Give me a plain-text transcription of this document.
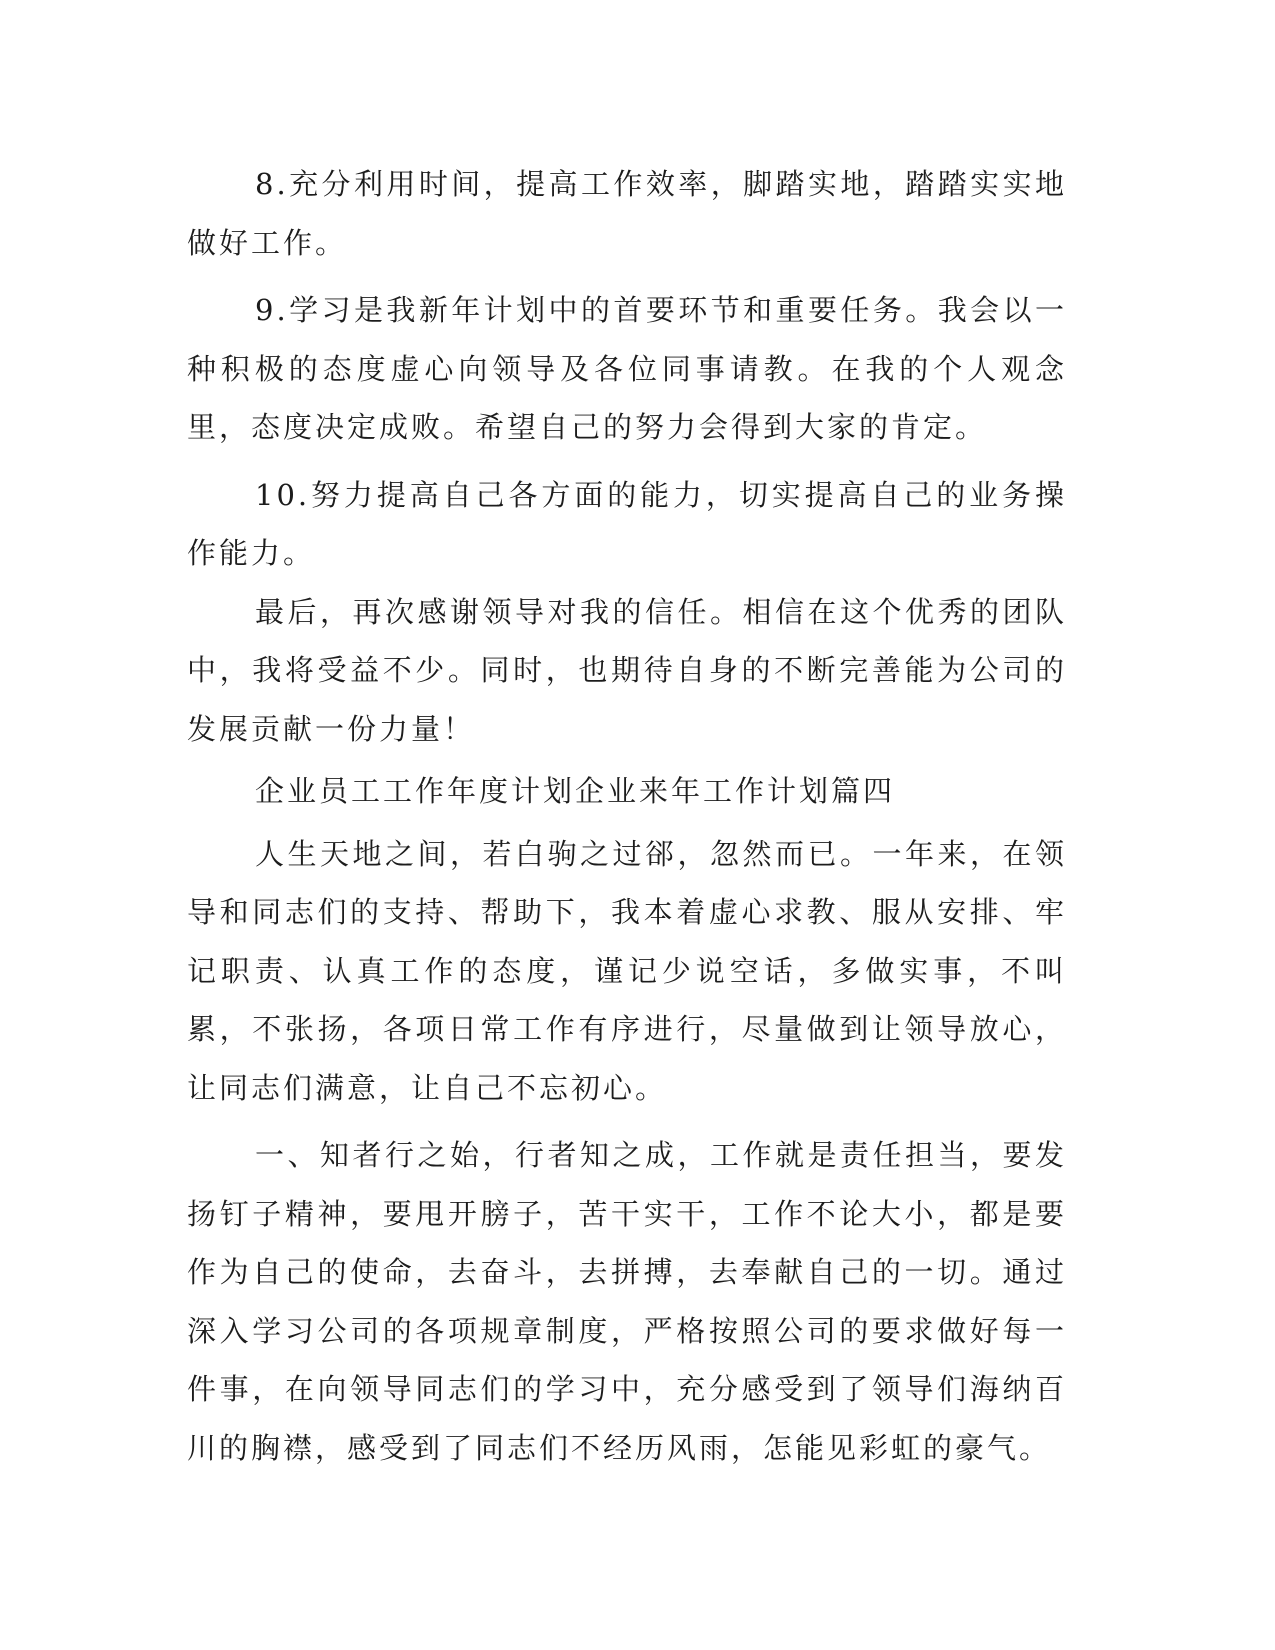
8.充分利用时间，提高工作效率，脚踏实地，踏踏实实地做好工作。

9.学习是我新年计划中的首要环节和重要任务。我会以一种积极的态度虚心向领导及各位同事请教。在我的个人观念里，态度决定成败。希望自己的努力会得到大家的肯定。

10.努力提高自己各方面的能力，切实提高自己的业务操作能力。

最后，再次感谢领导对我的信任。相信在这个优秀的团队中，我将受益不少。同时，也期待自身的不断完善能为公司的发展贡献一份力量！

企业员工工作年度计划企业来年工作计划篇四

人生天地之间，若白驹之过郤，忽然而已。一年来，在领导和同志们的支持、帮助下，我本着虚心求教、服从安排、牢记职责、认真工作的态度，谨记少说空话，多做实事，不叫累，不张扬，各项日常工作有序进行，尽量做到让领导放心，让同志们满意，让自己不忘初心。

一、知者行之始，行者知之成，工作就是责任担当，要发扬钉子精神，要甩开膀子，苦干实干，工作不论大小，都是要作为自己的使命，去奋斗，去拼搏，去奉献自己的一切。通过深入学习公司的各项规章制度，严格按照公司的要求做好每一件事，在向领导同志们的学习中，充分感受到了领导们海纳百川的胸襟，感受到了同志们不经历风雨，怎能见彩虹的豪气。
